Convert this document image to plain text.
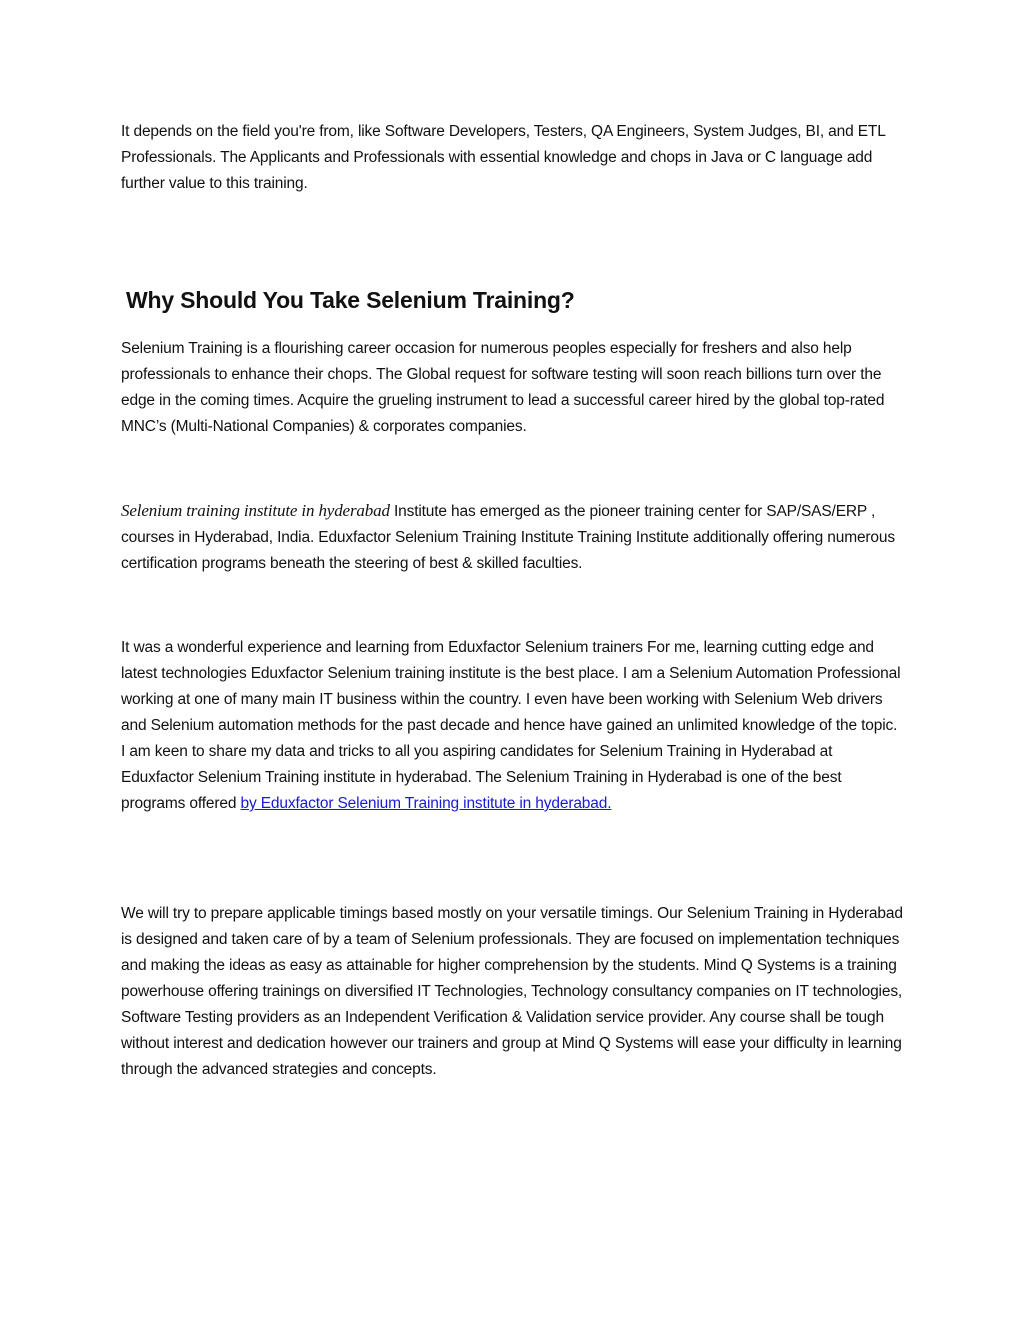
It depends on the field you're from, like Software Developers, Testers, QA Engineers, System Judges, BI, and ETL Professionals. The Applicants and Professionals with essential knowledge and chops in Java or C language add further value to this training.

Why Should You Take Selenium Training?

Selenium Training is a flourishing career occasion for numerous peoples especially for freshers and also help professionals to enhance their chops. The Global request for software testing will soon reach billions turn over the edge in the coming times. Acquire the grueling instrument to lead a successful career hired by the global top-rated MNC’s (Multi-National Companies) & corporates companies.

Selenium training institute in hyderabad Institute has emerged as the pioneer training center for SAP/SAS/ERP , courses in Hyderabad, India. Eduxfactor Selenium Training Institute Training Institute additionally offering numerous certification programs beneath the steering of best & skilled faculties.

It was a wonderful experience and learning from Eduxfactor Selenium trainers For me, learning cutting edge and latest technologies Eduxfactor Selenium training institute is the best place. I am a Selenium Automation Professional working at one of many main IT business within the country. I even have been working with Selenium Web drivers and Selenium automation methods for the past decade and hence have gained an unlimited knowledge of the topic. I am keen to share my data and tricks to all you aspiring candidates for Selenium Training in Hyderabad at Eduxfactor Selenium Training institute in hyderabad. The Selenium Training in Hyderabad is one of the best programs offered by Eduxfactor Selenium Training institute in hyderabad.

We will try to prepare applicable timings based mostly on your versatile timings. Our Selenium Training in Hyderabad is designed and taken care of by a team of Selenium professionals. They are focused on implementation techniques and making the ideas as easy as attainable for higher comprehension by the students. Mind Q Systems is a training powerhouse offering trainings on diversified IT Technologies, Technology consultancy companies on IT technologies, Software Testing providers as an Independent Verification & Validation service provider. Any course shall be tough without interest and dedication however our trainers and group at Mind Q Systems will ease your difficulty in learning through the advanced strategies and concepts.
